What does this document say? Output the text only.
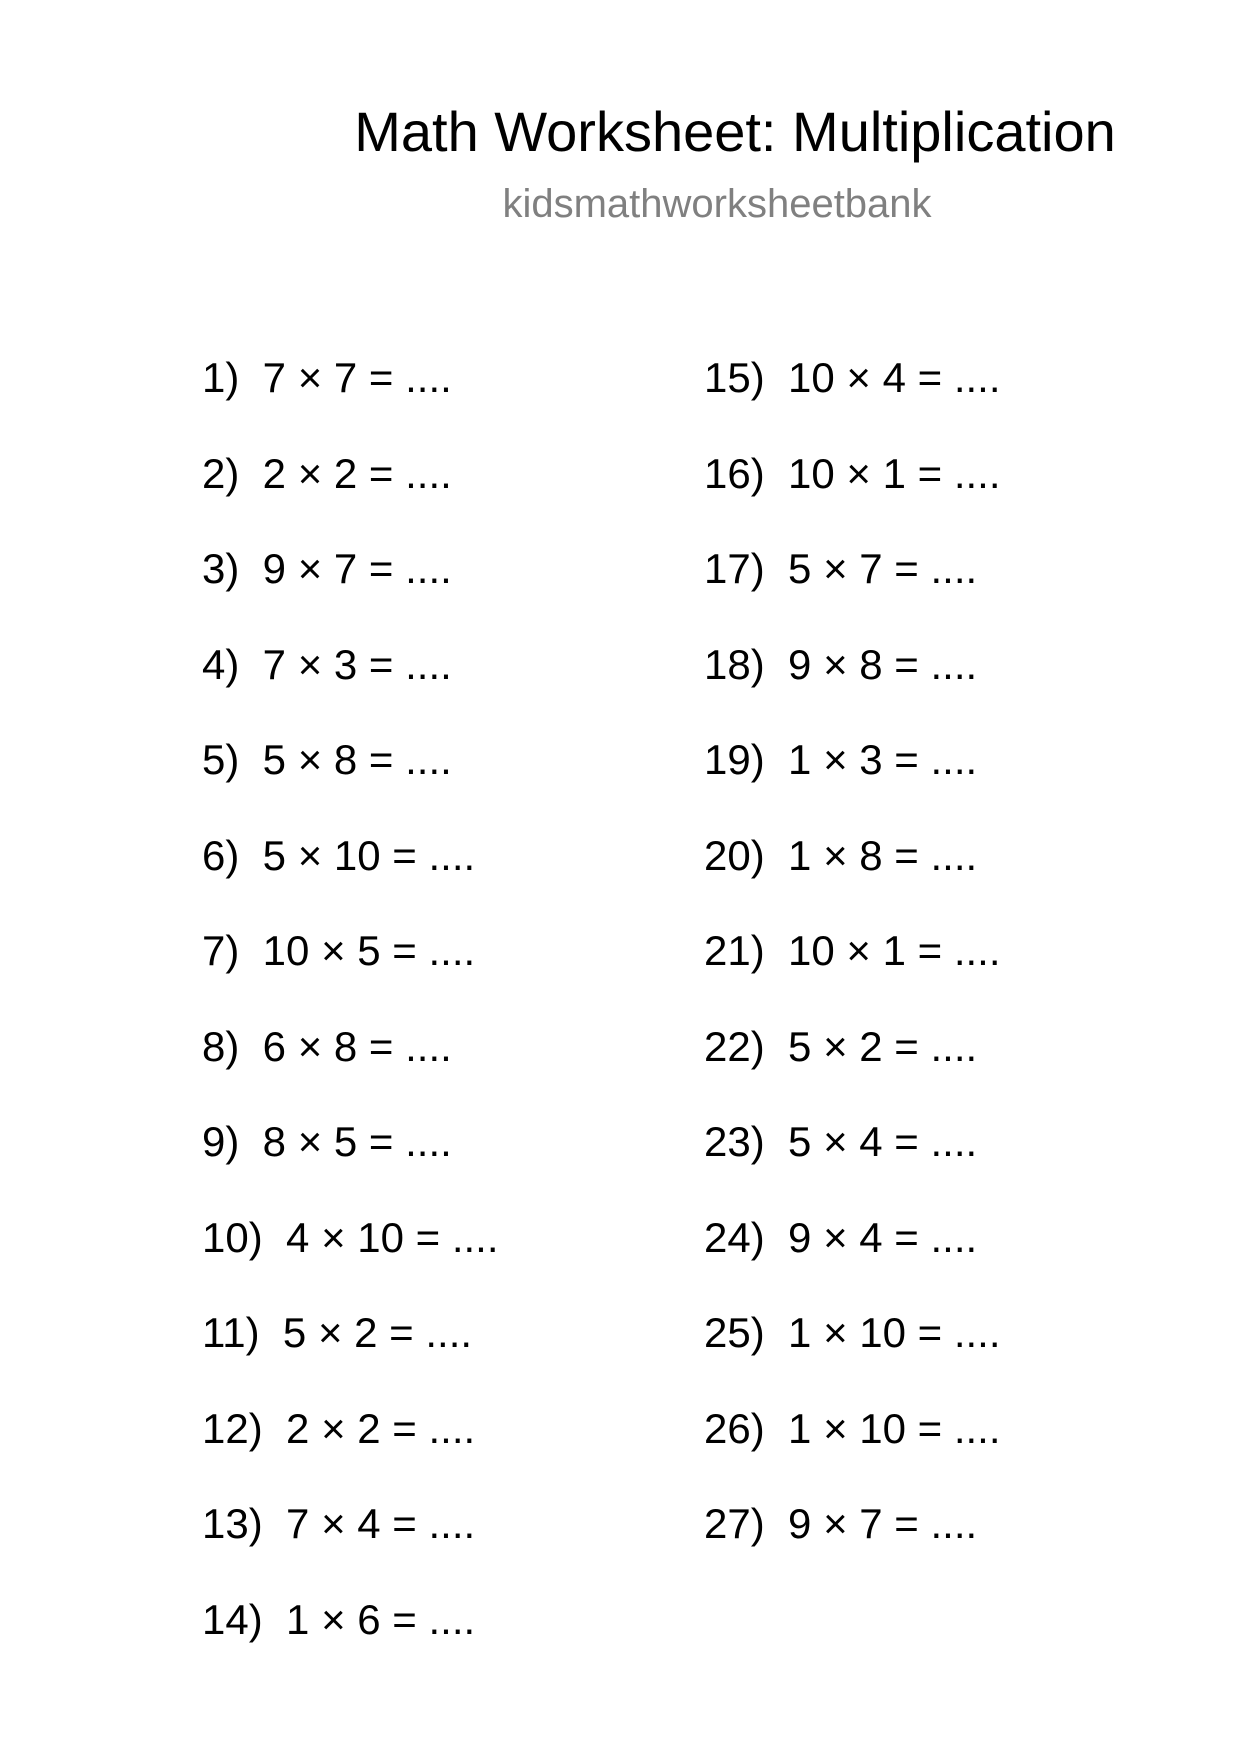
Math Worksheet: Multiplication
kidsmathworksheetbank
1)  7 × 7 = ....
2)  2 × 2 = ....
3)  9 × 7 = ....
4)  7 × 3 = ....
5)  5 × 8 = ....
6)  5 × 10 = ....
7)  10 × 5 = ....
8)  6 × 8 = ....
9)  8 × 5 = ....
10)  4 × 10 = ....
11)  5 × 2 = ....
12)  2 × 2 = ....
13)  7 × 4 = ....
14)  1 × 6 = ....
15)  10 × 4 = ....
16)  10 × 1 = ....
17)  5 × 7 = ....
18)  9 × 8 = ....
19)  1 × 3 = ....
20)  1 × 8 = ....
21)  10 × 1 = ....
22)  5 × 2 = ....
23)  5 × 4 = ....
24)  9 × 4 = ....
25)  1 × 10 = ....
26)  1 × 10 = ....
27)  9 × 7 = ....
